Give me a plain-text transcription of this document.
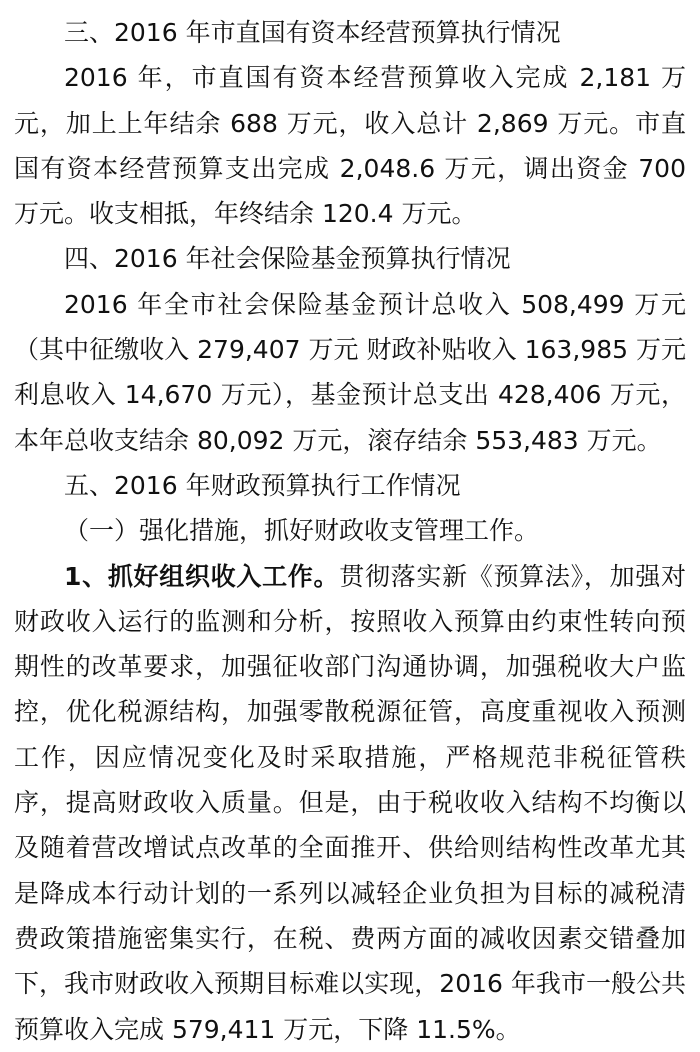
三、2016 年市直国有资本经营预算执行情况

2016 年，市直国有资本经营预算收入完成 2,181 万元，加上上年结余 688 万元，收入总计 2,869 万元。市直国有资本经营预算支出完成 2,048.6 万元，调出资金 700 万元。收支相抵，年终结余 120.4 万元。

四、2016 年社会保险基金预算执行情况

2016 年全市社会保险基金预计总收入 508,499 万元（其中征缴收入 279,407 万元 财政补贴收入 163,985 万元 利息收入 14,670 万元），基金预计总支出 428,406 万元，本年总收支结余 80,092 万元，滚存结余 553,483 万元。

五、2016 年财政预算执行工作情况

（一）强化措施，抓好财政收支管理工作。

1、抓好组织收入工作。贯彻落实新《预算法》，加强对财政收入运行的监测和分析，按照收入预算由约束性转向预期性的改革要求，加强征收部门沟通协调，加强税收大户监控，优化税源结构，加强零散税源征管，高度重视收入预测工作，因应情况变化及时采取措施，严格规范非税征管秩序，提高财政收入质量。但是，由于税收收入结构不均衡以及随着营改增试点改革的全面推开、供给则结构性改革尤其是降成本行动计划的一系列以减轻企业负担为目标的减税清费政策措施密集实行，在税、费两方面的减收因素交错叠加下，我市财政收入预期目标难以实现，2016 年我市一般公共预算收入完成 579,411 万元，下降 11.5%。
